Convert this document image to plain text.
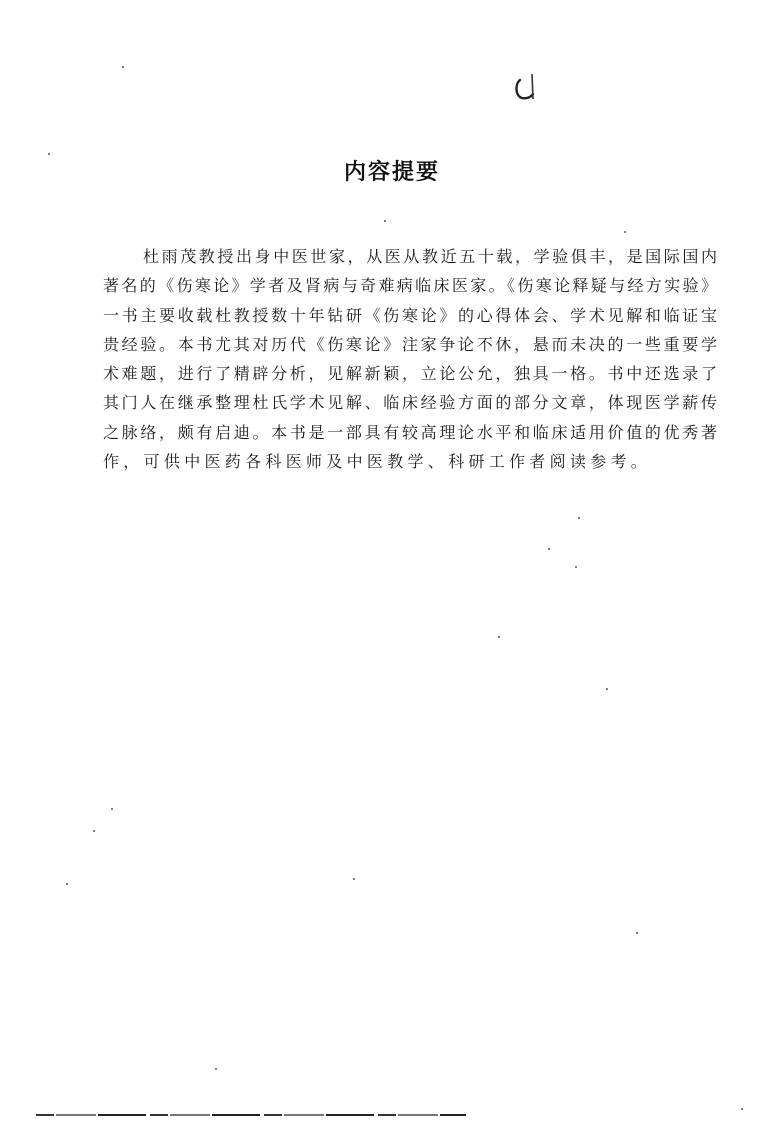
内容提要
杜雨茂教授出身中医世家，从医从教近五十载，学验俱丰，是国际国内
著名的《伤寒论》学者及肾病与奇难病临床医家。《伤寒论释疑与经方实验》
一书主要收载杜教授数十年钻研《伤寒论》的心得体会、学术见解和临证宝
贵经验。本书尤其对历代《伤寒论》注家争论不休，悬而未决的一些重要学
术难题，进行了精辟分析，见解新颖，立论公允，独具一格。书中还选录了
其门人在继承整理杜氏学术见解、临床经验方面的部分文章，体现医学薪传
之脉络，颇有启迪。本书是一部具有较高理论水平和临床适用价值的优秀著
作，可供中医药各科医师及中医教学、科研工作者阅读参考。
